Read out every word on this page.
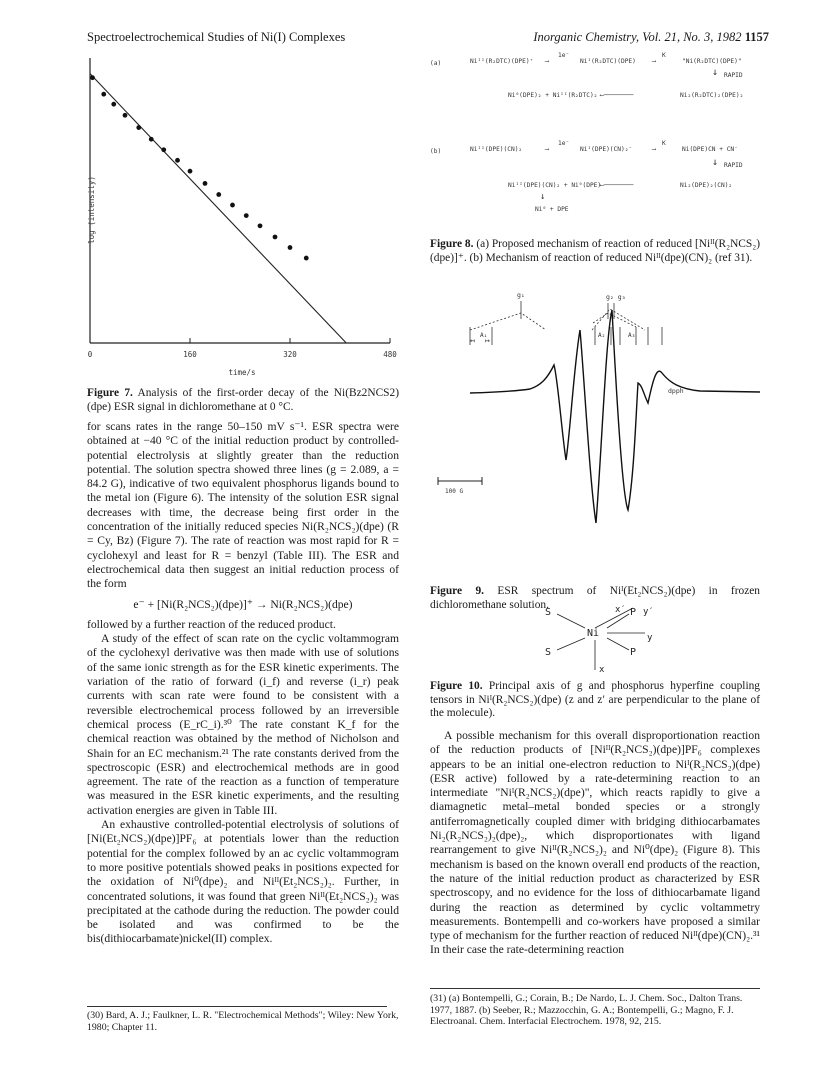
Spectroelectrochemical Studies of Ni(I) Complexes	Inorganic Chemistry, Vol. 21, No. 3, 1982 1157
0	160	320	480
log (intensity)
time/s
Figure 7. Analysis of the first-order decay of the Ni(Bz2NCS2)(dpe) ESR signal in dichloromethane at 0 °C.

for scans rates in the range 50–150 mV s⁻¹. ESR spectra were obtained at −40 °C of the initial reduction product by controlled-potential electrolysis at slightly greater than the reduction potential. The solution spectra showed three lines (g = 2.089, a = 84.2 G), indicative of two equivalent phosphorus ligands bound to the metal ion (Figure 6). The intensity of the solution ESR signal decreases with time, the decrease being first order in the concentration of the initially reduced species Ni(R₂NCS₂)(dpe) (R = Cy, Bz) (Figure 7). The rate of reaction was most rapid for R = cyclohexyl and least for R = benzyl (Table III). The ESR and electrochemical data then suggest an initial reduction process of the form

e⁻ + [Ni(R₂NCS₂)(dpe)]⁺ → Ni(R₂NCS₂)(dpe)

followed by a further reaction of the reduced product.

A study of the effect of scan rate on the cyclic voltammogram of the cyclohexyl derivative was then made with use of solutions of the same ionic strength as for the ESR kinetic experiments. The variation of the ratio of forward (i_f) and reverse (i_r) peak currents with scan rate were found to be consistent with a reversible electrochemical process followed by an irreversible chemical process (E_rC_i).³⁰ The rate constant K_f for the chemical reaction was obtained by the method of Nicholson and Shain for an EC mechanism.²¹ The rate constants derived from the spectroscopic (ESR) and electrochemical methods are in good agreement. The rate of the reaction as a function of temperature was measured in the ESR kinetic experiments, and the resulting activation energies are given in Table III.

An exhaustive controlled-potential electrolysis of solutions of [Ni(Et₂NCS₂)(dpe)]PF₆ at potentials lower than the reduction potential for the complex followed by an ac cyclic voltammogram to more positive potentials showed peaks in positions expected for the oxidation of Ni⁰(dpe)₂ and Niᴵᴵ(Et₂NCS₂)₂. Further, in concentrated solutions, it was found that green Niᴵᴵ(Et₂NCS₂)₂ was precipitated at the cathode during the reduction. The powder could be isolated and was confirmed to be the bis(dithiocarbamate)nickel(II) complex.

(30) Bard, A. J.; Faulkner, L. R. "Electrochemical Methods"; Wiley: New York, 1980; Chapter 11.
(a)	Niᴵᴵ(R₂DTC)(DPE)⁺
1e⁻
⟶	Niᴵ(R₂DTC)(DPE)
K
⟶	"Ni(R₂DTC)(DPE)"
↓ RAPID
Ni⁰(DPE)₂ + Niᴵᴵ(R₂DTC)₂ ⟵────────	Ni₂(R₂DTC)₂(DPE)₂
(b)	Niᴵᴵ(DPE)(CN)₂
1e⁻
⟶	Niᴵ(DPE)(CN)₂⁻
K
⟶	Ni(DPE)CN + CN⁻
↓ RAPID
Niᴵᴵ(DPE)(CN)₂ + Ni⁰(DPE)
⟵────────	Ni₂(DPE)₂(CN)₂
↓
Ni⁰ + DPE
Figure 8. (a) Proposed mechanism of reaction of reduced [Niᴵᴵ(R₂NCS₂)(dpe)]⁺. (b) Mechanism of reaction of reduced Niᴵᴵ(dpe)(CN)₂ (ref 31).
g₁	g₂ g₃
↤ ↦
A₁	A₂	A₃
dpph
100 G
Figure 9. ESR spectrum of Niᴵ(Et₂NCS₂)(dpe) in frozen dichloromethane solution.
S
S
Ni
P
P
x′ y′
y
x
Figure 10. Principal axis of g and phosphorus hyperfine coupling tensors in Niᴵ(R₂NCS₂)(dpe) (z and z′ are perpendicular to the plane of the molecule).

A possible mechanism for this overall disproportionation reaction of the reduction products of [Niᴵᴵ(R₂NCS₂)(dpe)]PF₆ complexes appears to be an initial one-electron reduction to Niᴵ(R₂NCS₂)(dpe) (ESR active) followed by a rate-determining reaction to an intermediate "Niᴵ(R₂NCS₂)(dpe)", which reacts rapidly to give a diamagnetic metal–metal bonded species or a strongly antiferromagnetically coupled dimer with bridging dithiocarbamates Ni₂(R₂NCS₂)₂(dpe)₂, which disproportionates with ligand rearrangement to give Niᴵᴵ(R₂NCS₂)₂ and Ni⁰(dpe)₂ (Figure 8). This mechanism is based on the known overall end products of the reaction, the nature of the initial reduction product as characterized by ESR spectroscopy, and no evidence for the loss of dithiocarbamate ligand during the reaction as determined by cyclic voltammetry measurements. Bontempelli and co-workers have proposed a similar type of mechanism for the further reaction of reduced Niᴵᴵ(dpe)(CN)₂.³¹ In their case the rate-determining reaction

(31) (a) Bontempelli, G.; Corain, B.; De Nardo, L. J. Chem. Soc., Dalton Trans. 1977, 1887. (b) Seeber, R.; Mazzocchin, G. A.; Bontempelli, G.; Magno, F. J. Electroanal. Chem. Interfacial Electrochem. 1978, 92, 215.
